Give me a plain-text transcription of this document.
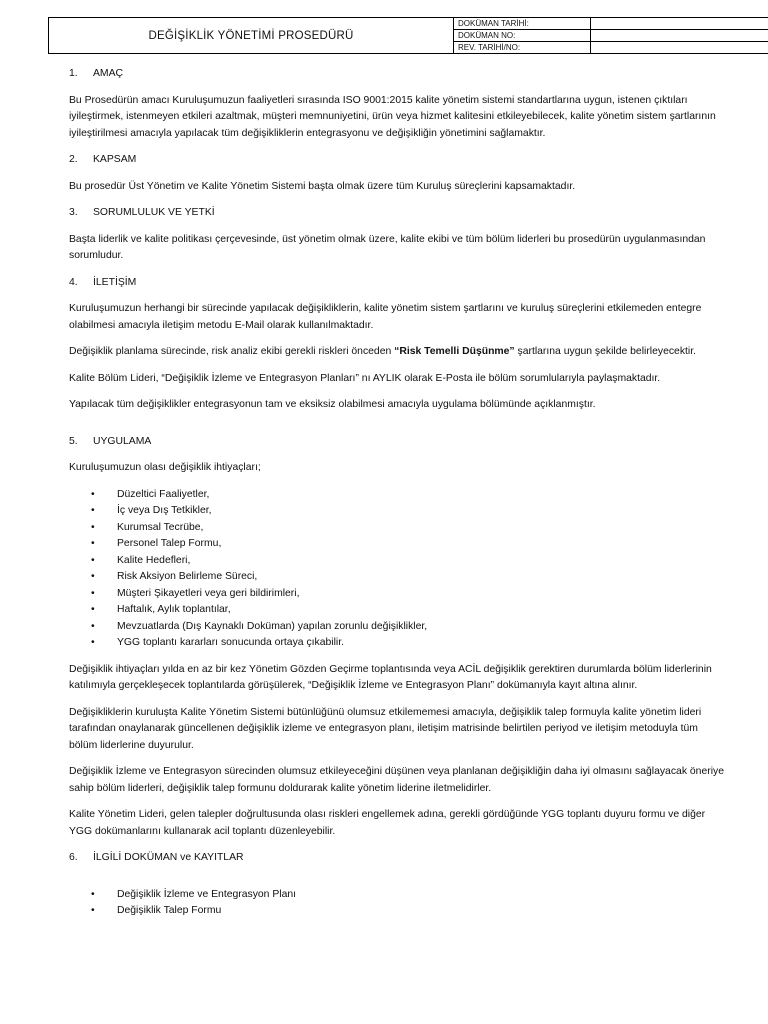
DEĞİŞİKLİK YÖNETİMİ PROSEDÜRÜ
DOKÜMAN TARİHİ:
DOKÜMAN NO:
REV. TARİHİ/NO:
1.	AMAÇ

Bu Prosedürün amacı Kuruluşumuzun faaliyetleri sırasında ISO 9001:2015 kalite yönetim sistemi standartlarına uygun, istenen çıktıları iyileştirmek, istenmeyen etkileri azaltmak, müşteri memnuniyetini, ürün veya hizmet kalitesini etkileyebilecek, kalite yönetim sistem şartlarının iyileştirilmesi amacıyla yapılacak tüm değişikliklerin entegrasyonu ve değişikliğin yönetimini sağlamaktır.

2.	KAPSAM

Bu prosedür Üst Yönetim ve Kalite Yönetim Sistemi başta olmak üzere tüm Kuruluş süreçlerini kapsamaktadır.

3.	SORUMLULUK VE YETKİ

Başta liderlik ve kalite politikası çerçevesinde, üst yönetim olmak üzere, kalite ekibi ve tüm bölüm liderleri bu prosedürün uygulanmasından sorumludur.

4.	İLETİŞİM

Kuruluşumuzun herhangi bir sürecinde yapılacak değişikliklerin, kalite yönetim sistem şartlarını ve kuruluş süreçlerini etkilemeden entegre olabilmesi amacıyla iletişim metodu E-Mail olarak kullanılmaktadır.

Değişiklik planlama sürecinde, risk analiz ekibi gerekli riskleri önceden “Risk Temelli Düşünme” şartlarına uygun şekilde belirleyecektir.

Kalite Bölüm Lideri, “Değişiklik İzleme ve Entegrasyon Planları” nı AYLIK olarak E-Posta ile bölüm sorumlularıyla paylaşmaktadır.

Yapılacak tüm değişiklikler entegrasyonun tam ve eksiksiz olabilmesi amacıyla uygulama bölümünde açıklanmıştır.

5.	UYGULAMA

Kuruluşumuzun olası değişiklik ihtiyaçları;

•
Düzeltici Faaliyetler,
•
İç veya Dış Tetkikler,
•
Kurumsal Tecrübe,
•
Personel Talep Formu,
•
Kalite Hedefleri,
•
Risk Aksiyon Belirleme Süreci,
•
Müşteri Şikayetleri veya geri bildirimleri,
•
Haftalık, Aylık toplantılar,
•
Mevzuatlarda (Dış Kaynaklı Doküman) yapılan zorunlu değişiklikler,
•
YGG toplantı kararları sonucunda ortaya çıkabilir.

Değişiklik ihtiyaçları yılda en az bir kez Yönetim Gözden Geçirme toplantısında veya ACİL değişiklik gerektiren durumlarda bölüm liderlerinin katılımıyla gerçekleşecek toplantılarda görüşülerek, “Değişiklik İzleme ve Entegrasyon Planı” dokümanıyla kayıt altına alınır.

Değişikliklerin kuruluşta Kalite Yönetim Sistemi bütünlüğünü olumsuz etkilememesi amacıyla, değişiklik talep formuyla kalite yönetim lideri tarafından onaylanarak güncellenen değişiklik izleme ve entegrasyon planı, iletişim matrisinde belirtilen periyod ve iletişim metoduyla tüm bölüm liderlerine duyurulur.

Değişiklik İzleme ve Entegrasyon sürecinden olumsuz etkileyeceğini düşünen veya planlanan değişikliğin daha iyi olmasını sağlayacak öneriye sahip bölüm liderleri, değişiklik talep formunu doldurarak kalite yönetim liderine iletmelidirler.

Kalite Yönetim Lideri, gelen talepler doğrultusunda olası riskleri engellemek adına, gerekli gördüğünde YGG toplantı duyuru formu ve diğer YGG dokümanlarını kullanarak acil toplantı düzenleyebilir.

6.	İLGİLİ DOKÜMAN ve KAYITLAR
•
Değişiklik İzleme ve Entegrasyon Planı
•
Değişiklik Talep Formu
